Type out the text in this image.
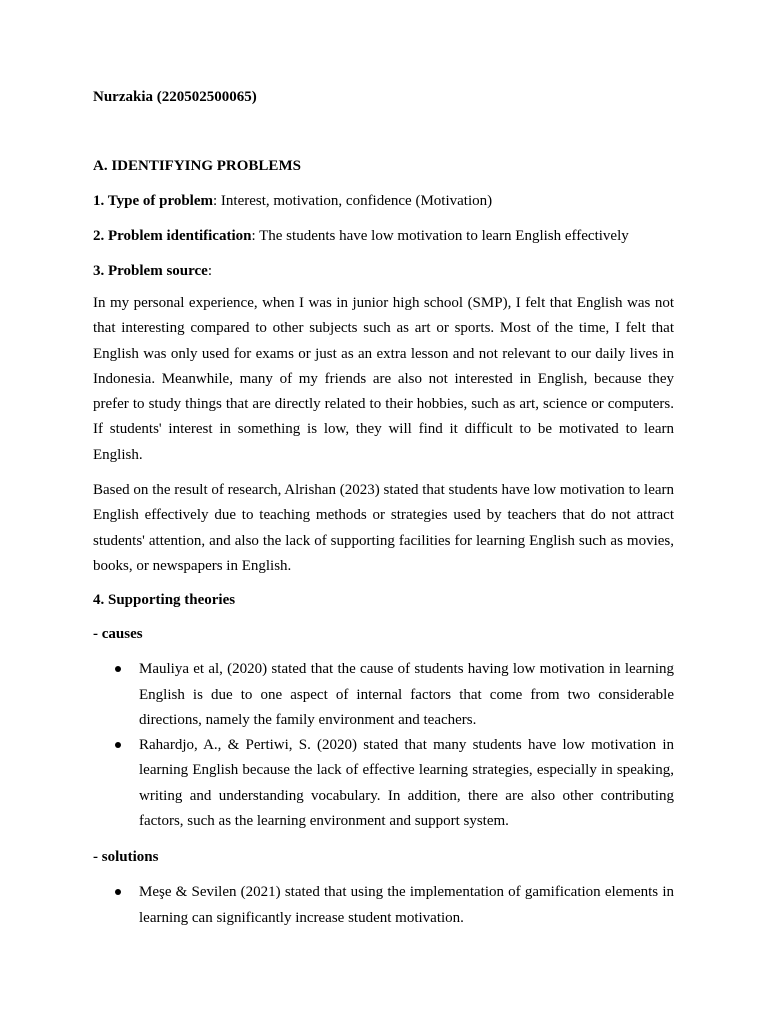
Nurzakia (220502500065)

A. IDENTIFYING PROBLEMS

1. Type of problem: Interest, motivation, confidence (Motivation)

2. Problem identification: The students have low motivation to learn English effectively

3. Problem source:

In my personal experience, when I was in junior high school (SMP), I felt that English was not that interesting compared to other subjects such as art or sports. Most of the time, I felt that English was only used for exams or just as an extra lesson and not relevant to our daily lives in Indonesia. Meanwhile, many of my friends are also not interested in English, because they prefer to study things that are directly related to their hobbies, such as art, science or computers. If students' interest in something is low, they will find it difficult to be motivated to learn English.

Based on the result of research, Alrishan (2023) stated that students have low motivation to learn English effectively due to teaching methods or strategies used by teachers that do not attract students' attention, and also the lack of supporting facilities for learning English such as movies, books, or newspapers in English.

4. Supporting theories

- causes

Mauliya et al, (2020) stated that the cause of students having low motivation in learning English is due to one aspect of internal factors that come from two considerable directions, namely the family environment and teachers.
Rahardjo, A., & Pertiwi, S. (2020) stated that many students have low motivation in learning English because the lack of effective learning strategies, especially in speaking, writing and understanding vocabulary. In addition, there are also other contributing factors, such as the learning environment and support system.

- solutions

Meşe & Sevilen (2021) stated that using the implementation of gamification elements in learning can significantly increase student motivation.
